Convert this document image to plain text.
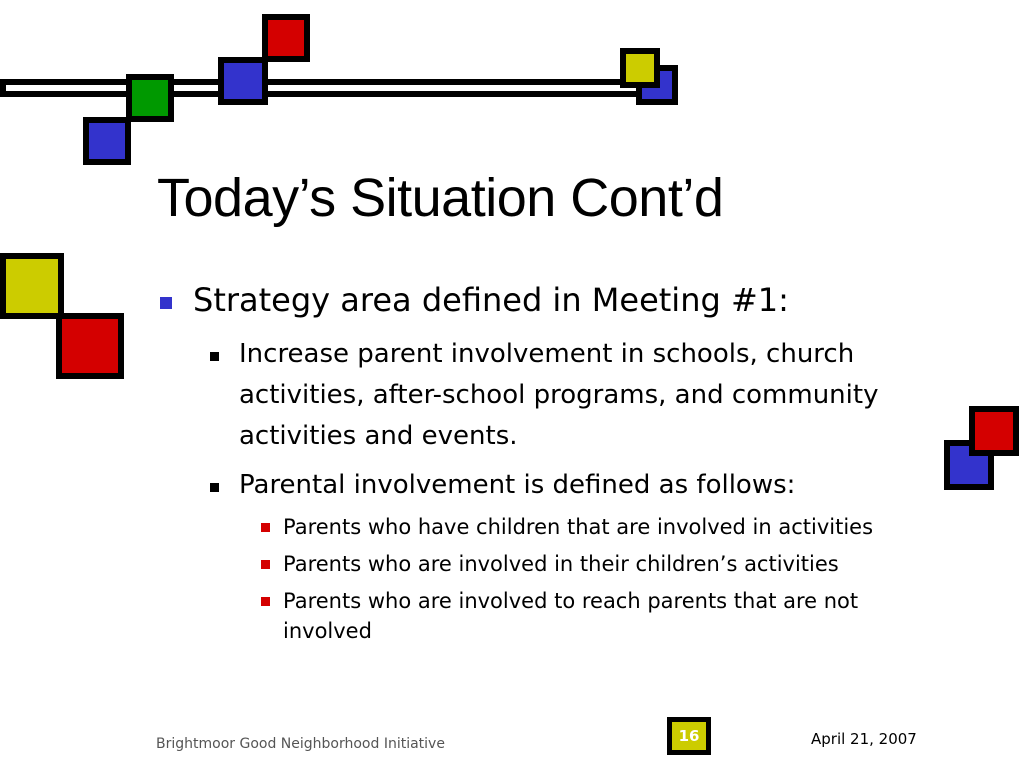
Today’s Situation Cont’d
Strategy area defined in Meeting #1:
Increase parent involvement in schools, church activities, after-school programs, and community activities and events.
Parental involvement is defined as follows:
Parents who have children that are involved in activities
Parents who are involved in their children’s activities
Parents who are involved to reach parents that are not involved
Brightmoor Good Neighborhood Initiative	16	April 21, 2007
